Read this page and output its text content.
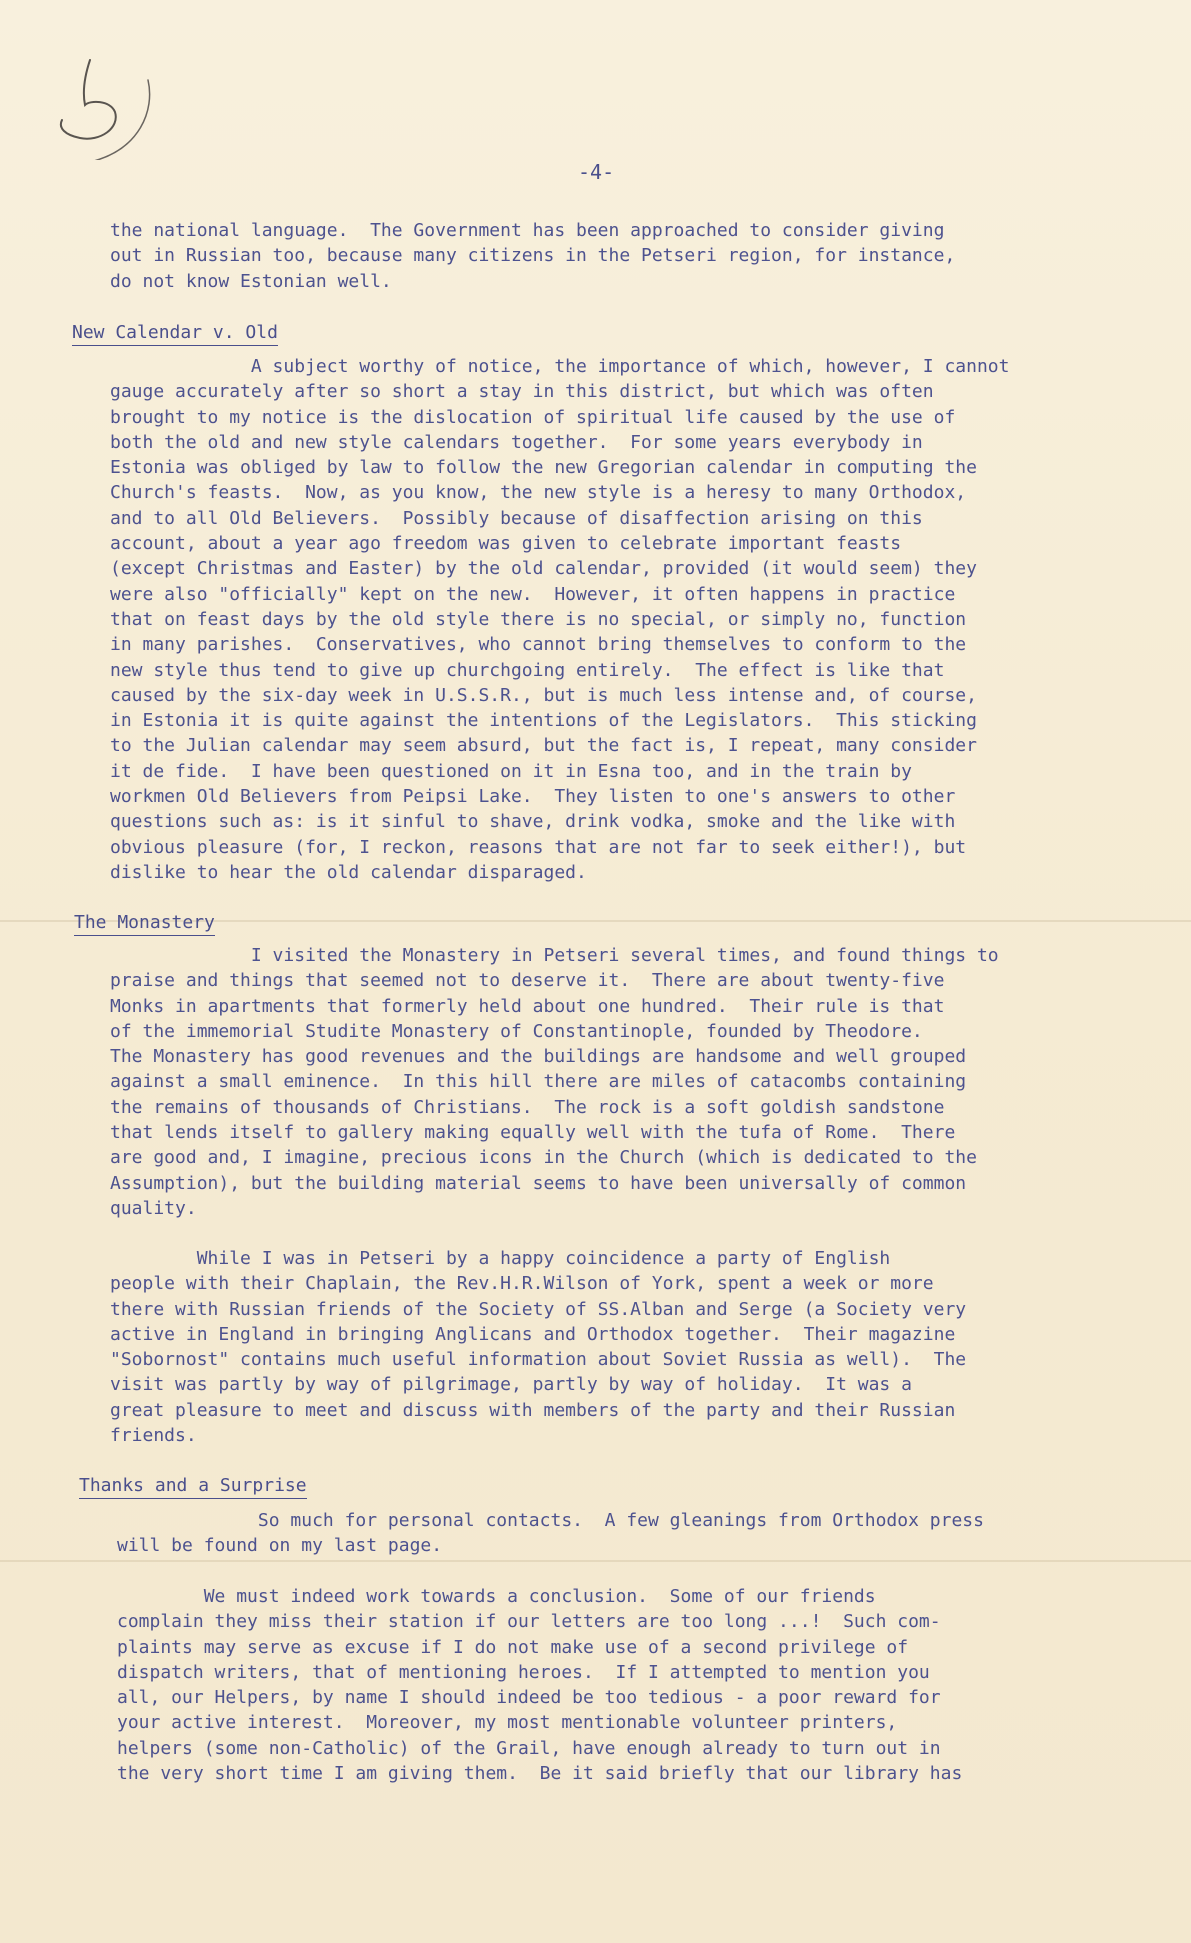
-4-
the national language.  The Government has been approached to consider giving
out in Russian too, because many citizens in the Petseri region, for instance,
do not know Estonian well.
New Calendar v. Old
A subject worthy of notice, the importance of which, however, I cannot
gauge accurately after so short a stay in this district, but which was often
brought to my notice is the dislocation of spiritual life caused by the use of
both the old and new style calendars together.  For some years everybody in
Estonia was obliged by law to follow the new Gregorian calendar in computing the
Church's feasts.  Now, as you know, the new style is a heresy to many Orthodox,
and to all Old Believers.  Possibly because of disaffection arising on this
account, about a year ago freedom was given to celebrate important feasts
(except Christmas and Easter) by the old calendar, provided (it would seem) they
were also "officially" kept on the new.  However, it often happens in practice
that on feast days by the old style there is no special, or simply no, function
in many parishes.  Conservatives, who cannot bring themselves to conform to the
new style thus tend to give up churchgoing entirely.  The effect is like that
caused by the six-day week in U.S.S.R., but is much less intense and, of course,
in Estonia it is quite against the intentions of the Legislators.  This sticking
to the Julian calendar may seem absurd, but the fact is, I repeat, many consider
it de fide.  I have been questioned on it in Esna too, and in the train by
workmen Old Believers from Peipsi Lake.  They listen to one's answers to other
questions such as: is it sinful to shave, drink vodka, smoke and the like with
obvious pleasure (for, I reckon, reasons that are not far to seek either!), but
dislike to hear the old calendar disparaged.
The Monastery
I visited the Monastery in Petseri several times, and found things to
praise and things that seemed not to deserve it.  There are about twenty-five
Monks in apartments that formerly held about one hundred.  Their rule is that
of the immemorial Studite Monastery of Constantinople, founded by Theodore.
The Monastery has good revenues and the buildings are handsome and well grouped
against a small eminence.  In this hill there are miles of catacombs containing
the remains of thousands of Christians.  The rock is a soft goldish sandstone
that lends itself to gallery making equally well with the tufa of Rome.  There
are good and, I imagine, precious icons in the Church (which is dedicated to the
Assumption), but the building material seems to have been universally of common
quality.
While I was in Petseri by a happy coincidence a party of English
people with their Chaplain, the Rev.H.R.Wilson of York, spent a week or more
there with Russian friends of the Society of SS.Alban and Serge (a Society very
active in England in bringing Anglicans and Orthodox together.  Their magazine
"Sobornost" contains much useful information about Soviet Russia as well).  The
visit was partly by way of pilgrimage, partly by way of holiday.  It was a
great pleasure to meet and discuss with members of the party and their Russian
friends.
Thanks and a Surprise
So much for personal contacts.  A few gleanings from Orthodox press
will be found on my last page.
We must indeed work towards a conclusion.  Some of our friends
complain they miss their station if our letters are too long ...!  Such com-
plaints may serve as excuse if I do not make use of a second privilege of
dispatch writers, that of mentioning heroes.  If I attempted to mention you
all, our Helpers, by name I should indeed be too tedious - a poor reward for
your active interest.  Moreover, my most mentionable volunteer printers,
helpers (some non-Catholic) of the Grail, have enough already to turn out in
the very short time I am giving them.  Be it said briefly that our library has
